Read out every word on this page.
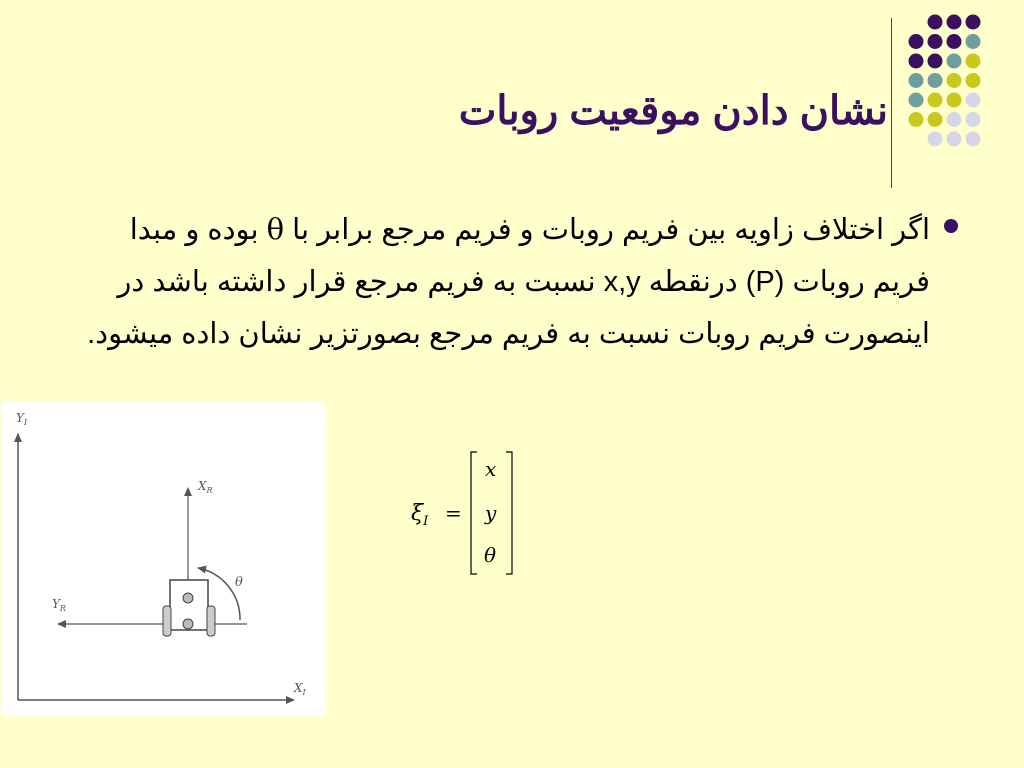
نشان دادن موقعیت روبات
اگر اختلاف زاویه بین فریم روبات و فریم مرجع برابر با θ بوده و مبدا فریم روبات (P) درنقطه x,y نسبت به فریم مرجع قرار داشته باشد در اینصورت فریم روبات نسبت به فریم مرجع بصورتزیر نشان داده میشود.
$Y_I$
$X_I$
$X_R$
$Y_R$
θ
$\xi_I$ =
x
y
θ
